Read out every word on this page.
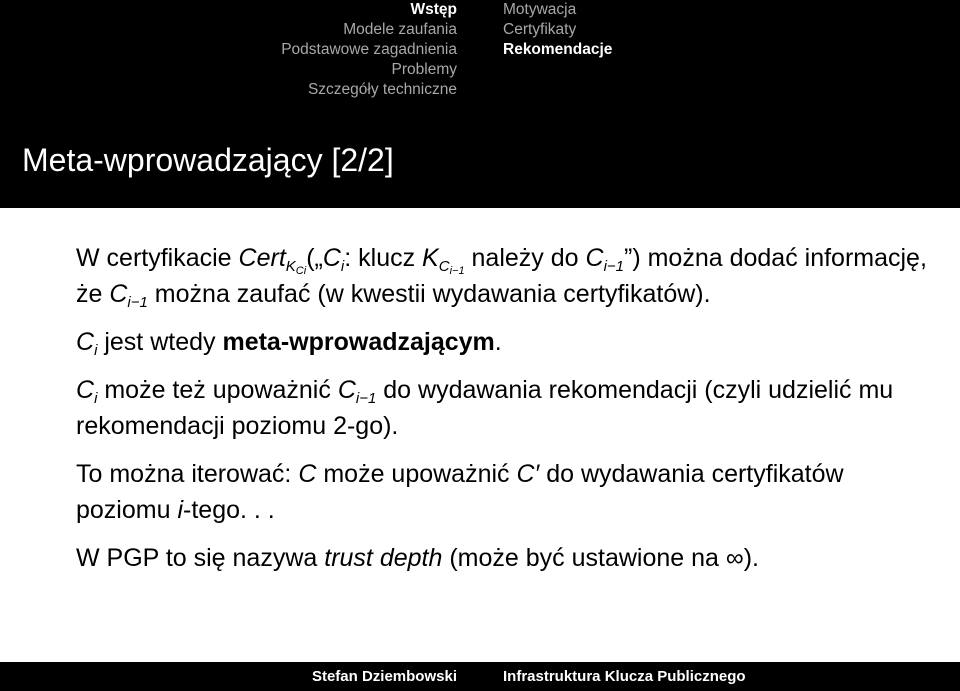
Wstęp
Modele zaufania
Podstawowe zagadnienia
Problemy
Szczegóły techniczne
Motywacja
Certyfikaty
Rekomendacje
Meta-wprowadzający [2/2]

W certyfikacie $Cert_{K_{Ci}}(„C_i$: klucz $K_{C_{i-1}}$ należy do $C_{i-1}$”) można dodać informację, że $C_{i-1}$ można zaufać (w kwestii wydawania certyfikatów).

$C_i$ jest wtedy meta-wprowadzającym.

$C_i$ może też upoważnić $C_{i-1}$ do wydawania rekomendacji (czyli udzielić mu rekomendacji poziomu 2-go).

To można iterować: C może upoważnić C′ do wydawania certyfikatów poziomu i-tego. . .

W PGP to się nazywa trust depth (może być ustawione na ∞).

Stefan Dziembowski	Infrastruktura Klucza Publicznego
